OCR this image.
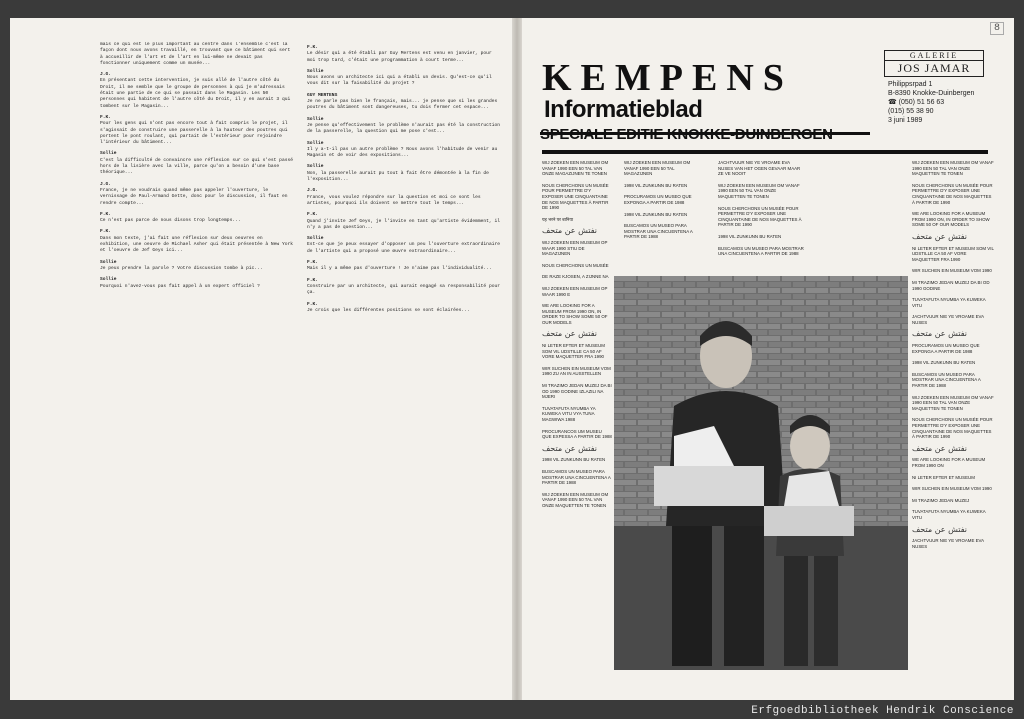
8

mais ce qui est le plus important au centre dans l'ensemble c'est la façon dont nous avons travaillé, en trouvant que ce bâtiment qui sert à accueillir de l'art et de l'art en lui-même ne devait pas fonctionner uniquement comme un musée...

J.G.

En présentant cette intervention, je suis allé de l'autre côté du Droit, il me semble que le groupe de personnes à qui je m'adressais était une partie de ce qui se passait dans le Magasin. Les 50 personnes qui habitent de l'autre côté du Droit, il y en aurait 3 qui tombent sur le Magasin...

F.K.

Pour les gens qui n'ont pas encore tout à fait compris le projet, il s'agissait de construire une passerelle à la hauteur des poutres qui portent le pont roulant, qui partait de l'extérieur pour rejoindre l'intérieur du bâtiment...

Sollie

C'est la difficulté de convaincre une réflexion sur ce qui s'est passé hors de la lisière avec la ville, parce qu'on a besoin d'une base théorique...

J.G.

France, je ne voudrais quand même pas appeler l'ouverture, le vernissage de Paul-Armand Gette, donc pour le discussion, il faut en rendre compte...

F.K.

Ce n'est pas parce de nous disons trop longtemps...

F.K.

Dans mon texte, j'ai fait une réflexion sur deux oeuvres en exhibition, une oeuvre de Michael Asher qui était présentée à New York et l'oeuvre de Jef Geys ici...

Sollie

Je peux prendre la parole ? Votre discussion tombe à pic...

Sollie

Pourquoi n'avez-vous pas fait appel à un expert officiel ?

F.K.

Le désir qui a été établi par Guy Mertens est venu en janvier, pour moi trop tard, c'était une programmation à court terme...

Sollie

Nous avons un architecte ici qui a établi un devis. Qu'est-ce qu'il vous dit sur la faisabilité du projet ?

GUY MERTENS

Je ne parle pas bien le français, mais... je pense que si les grandes poutres du bâtiment sont dangereuses, tu dois fermer cet espace...

Sollie

Je pense qu'effectivement le problème n'aurait pas été la construction de la passerelle, la question qui me pose c'est...

Sollie

Il y a-t-il pas un autre problème ? Nous avons l'habitude de venir au Magasin et de voir des expositions...

Sollie

Non, la passerelle aurait pu tout à fait être démontée à la fin de l'exposition...

J.G.

France, vous voulez répondre sur la question et moi ce sont les artistes, pourquoi ils doivent se mettre tout le temps...

F.K.

Quand j'invite Jef Geys, je l'invite en tant qu'artiste évidemment, il n'y a pas de question...

Sollie

Est-ce que je peux essayer d'opposer un peu l'ouverture extraordinaire de l'artiste qui a proposé une œuvre extraordinaire...

F.K.

Mais il y a même pas d'ouverture ! Je n'aime pas l'individualité...

F.K.

Construire par un architecte, qui aurait engagé sa responsabilité pour ça.

F.K.

Je crois que les différentes positions se sont éclairées...

KEMPENS
Informatieblad
GALERIE
JOS JAMAR
Philippsrpad 1
B-8390 Knokke-Duinbergen
☎ (050) 51 56 63
(015) 55 38 90
3 juni 1989
SPECIALE EDITIE KNOKKE-DUINBERGEN
WIJ ZOEKEN EEN MUSEUM OM VANAF 1990 EEN 50 TAL VAN ONZE MAGAZIJNEN TE TONEN
NOUS CHERCHONS UN MUSÉE POUR PERMETTRE D'Y EXPOSER UNE CINQUANTAINE DE NOS MAQUETTES À PARTIR DE 1990
यह भरने पर बानिया
نفتش عن متحف
WIJ ZOEKEN EEN MUSEUM OP WAAR 1990 STIU DE MAGAZIJNEN
NOUS CHERCHONS UN MUSÉE
DE RAZE KJOSEN, A ZIJNNE NA
WIJ ZOEKEN EEN MUSEUM OP WAAR 1990 E
WE ARE LOOKING FOR A MUSEUM FROM 1990 ON, IN ORDER TO SHOW SOME 50 OF OUR MODELS
نفتش عن متحف
NI LETER EFTER ET MUSEUM SOM VIL UDSTILLE CA 50 AF VORE MAQUETTER FRA 1990
WIR SUCHEN EIN MUSEUM VOM 1990 ZU AN IN AUSSTELLEN
MI TRAZIMO JEDAN MUZEJ DA BI OD 1990 GODINE IZLAZILI NA MJERI
TUVATAFUTA NYUMBA YA KUWEKA VITU VYA TUNA MAGWIWA 1988
PROCURANCOS UM MUSEU QUE EXPESSA A PARTIR DE 1988
نفتش عن متحف
1998 VIL ZUNKUNN BU RATEN
BUSCAMOS UN MUSEO PARA MOSTRAR UNA CINCUENTENA A PARTIR DE 1988
WIJ ZOEKEN EEN MUSEUM OM VANAF 1990 EEN 50 TAL VAN ONZE MAQUETTEN TE TONEN
WIJ ZOEKEN EEN MUSEUM OM VANAF 1990 EEN 50 TAL MAGAZIJNEN
1998 VIL ZUNKUNN BU RATEN
PROCURAMOS UN MUSEO QUE EXPONGA A PARTIR DE 1988
1998 VIL ZUNKUNN BU RATEN
BUSCAMOS UN MUSEO PARA MOSTRAR UNA CINCUENTENA A PARTIR DE 1988
JACHTVUUR NIE YE VROAME EVA NUSES VAN HET OGEN GEVAAR MAAR ZE VE NOOIT
WIJ ZOEKEN EEN MUSEUM OM VANAF 1990 EEN 50 TAL VAN ONZE MAQUETTEN TE TONEN
NOUS CHERCHONS UN MUSÉE POUR PERMETTRE D'Y EXPOSER UNE CINQUANTAINE DE NOS MAQUETTES À PARTIR DE 1990
1998 VIL ZUNKUNN BU RATEN
BUSCAMOS UN MUSEO PARA MOSTRAR UNA CINCUENTENA A PARTIR DE 1988
WIJ ZOEKEN EEN MUSEUM OM VANAF 1990 EEN 50 TAL VAN ONZE MAQUETTEN TE TONEN
NOUS CHERCHONS UN MUSÉE POUR PERMETTRE D'Y EXPOSER UNE CINQUANTAINE DE NOS MAQUETTES À PARTIR DE 1990
WE ARE LOOKING FOR A MUSEUM FROM 1990 ON, IN ORDER TO SHOW SOME 50 OF OUR MODELS
نفتش عن متحف
NI LETER EFTER ET MUSEUM SOM VIL UDSTILLE CA 50 AF VORE MAQUETTER FRA 1990
WIR SUCHEN EIN MUSEUM VOM 1990
MI TRAZIMO JEDAN MUZEJ DA BI OD 1990 GODINE
TUVATAFUTA NYUMBA YA KUWEKA VITU
JACHTVUUR NIE YE VROAME EVA NUSES
نفتش عن متحف
PROCURAMOS UN MUSEO QUE EXPONGA A PARTIR DE 1988
1998 VIL ZUNKUNN BU RATEN
BUSCAMOS UN MUSEO PARA MOSTRAR UNA CINCUENTENA A PARTIR DE 1988
WIJ ZOEKEN EEN MUSEUM OM VANAF 1990 EEN 50 TAL VAN ONZE MAQUETTEN TE TONEN
NOUS CHERCHONS UN MUSÉE POUR PERMETTRE D'Y EXPOSER UNE CINQUANTAINE DE NOS MAQUETTES À PARTIR DE 1990
نفتش عن متحف
WE ARE LOOKING FOR A MUSEUM FROM 1990 ON
NI LETER EFTER ET MUSEUM
WIR SUCHEN EIN MUSEUM VOM 1990
MI TRAZIMO JEDAN MUZEJ
TUVATAFUTA NYUMBA YA KUWEKA VITU
نفتش عن متحف
JACHTVUUR NIE YE VROAME EVA NUSES
Erfgoedbibliotheek Hendrik Conscience
